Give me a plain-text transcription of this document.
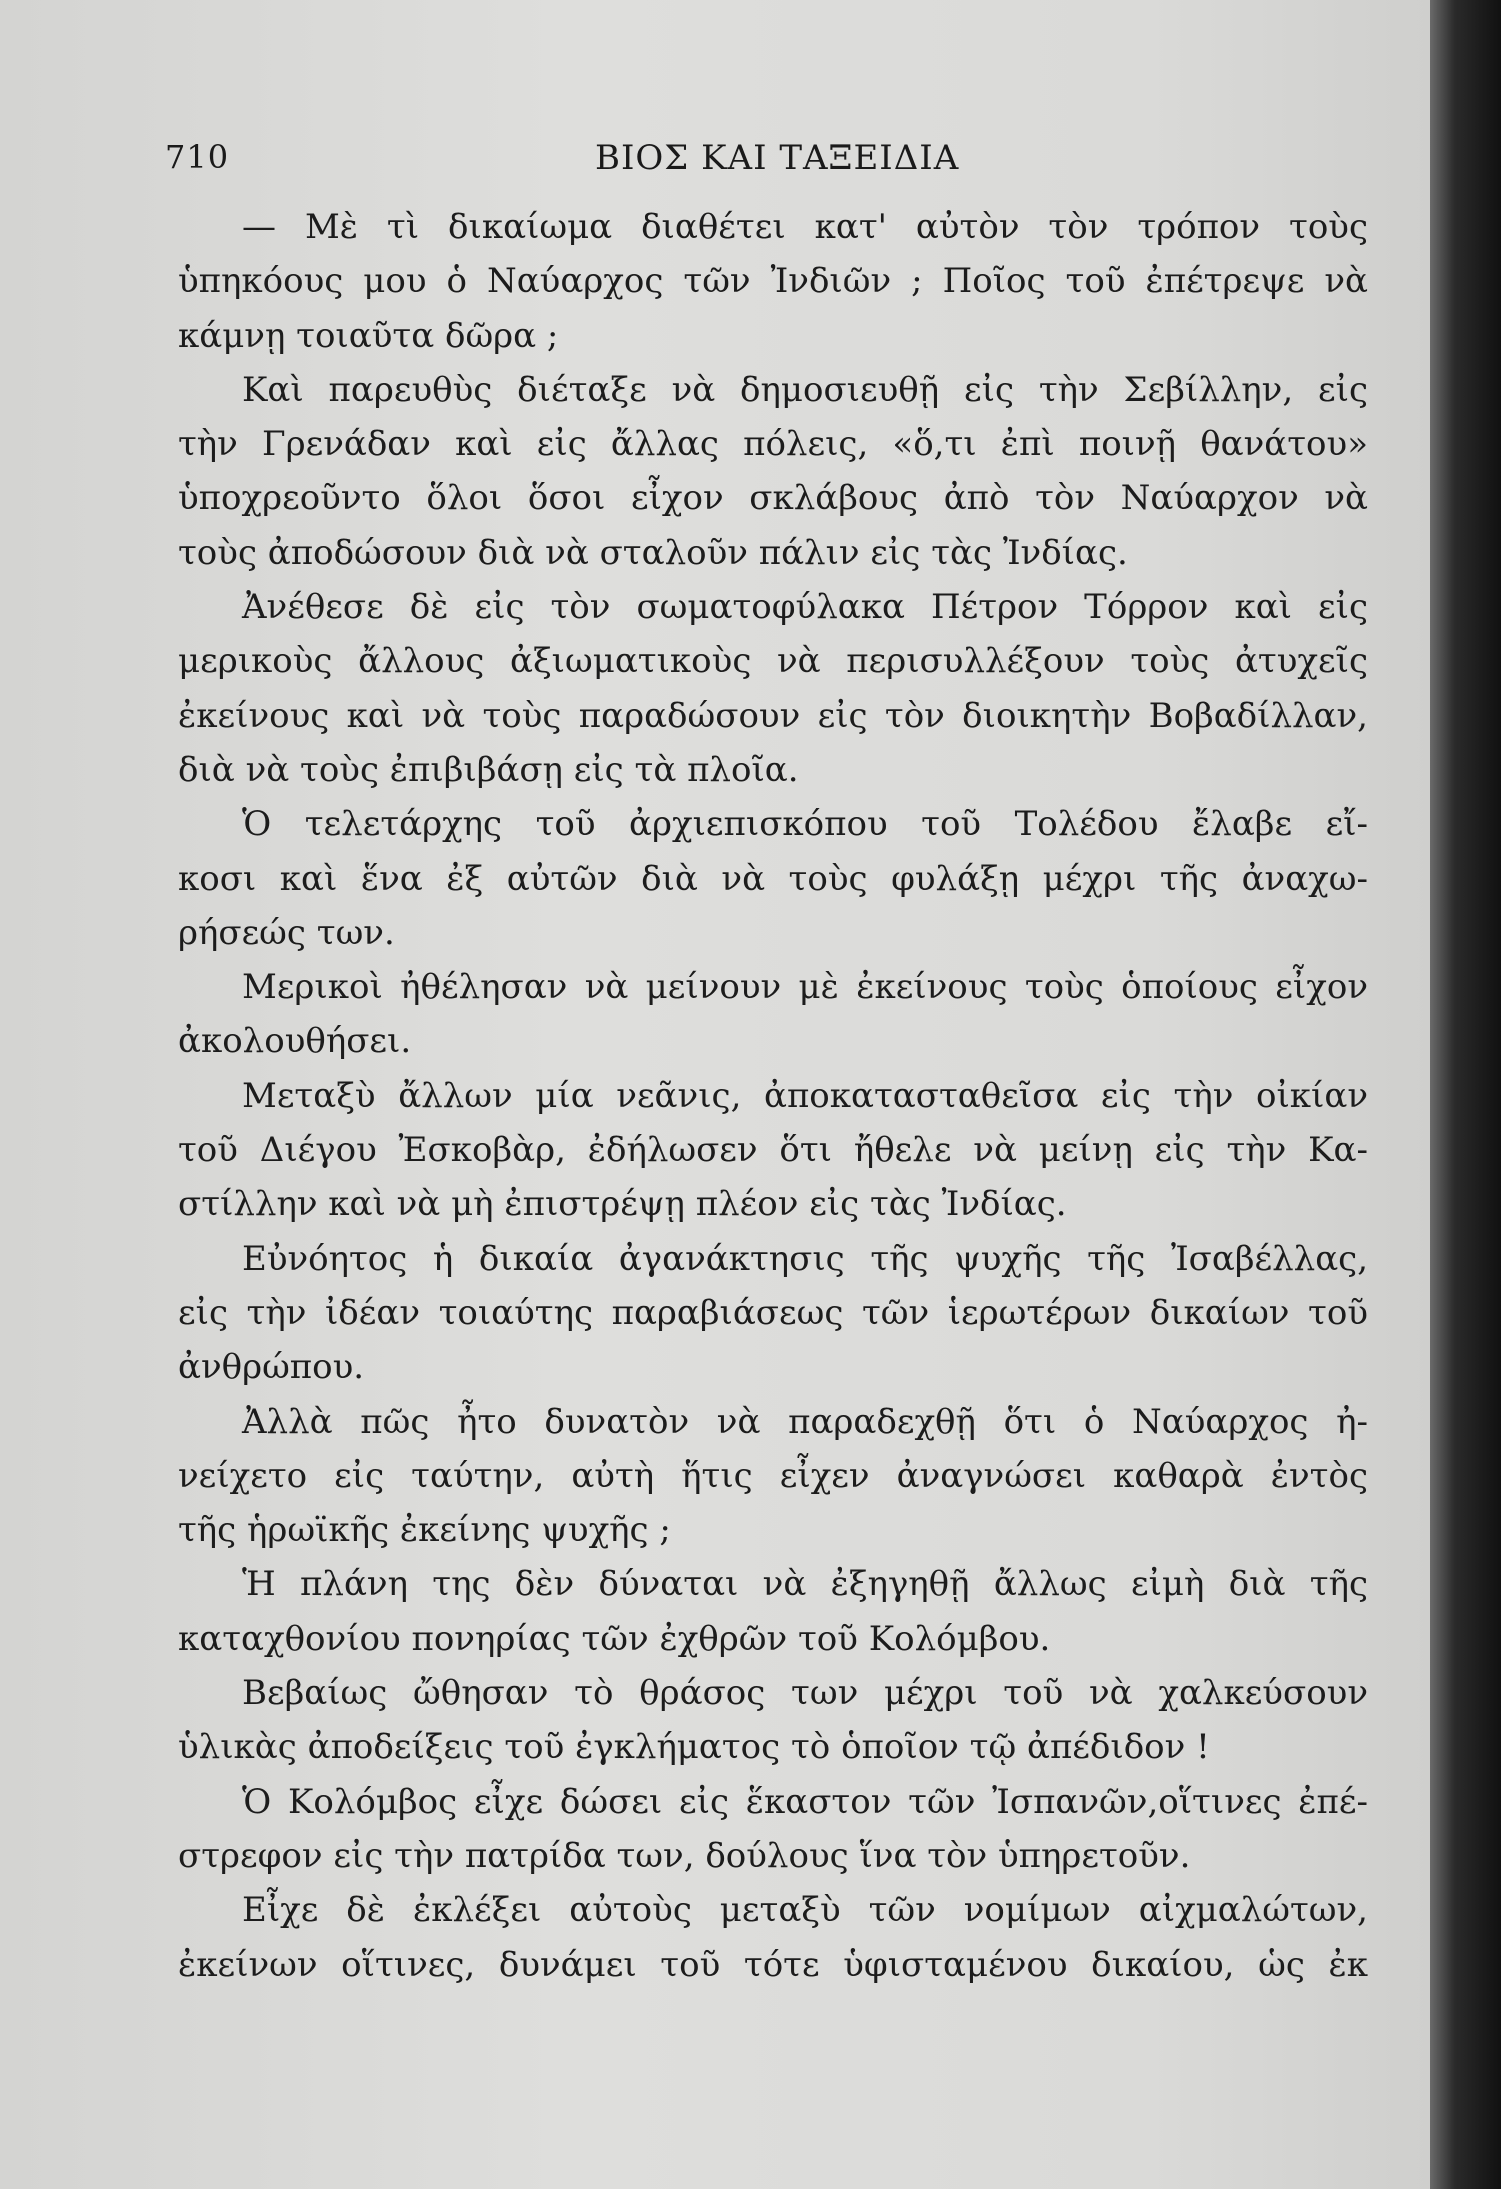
710	ΒΙΟΣ ΚΑΙ ΤΑΞΕΙΔΙΑ
— Μὲ τὶ δικαίωμα διαθέτει κατ' αὐτὸν τὸν τρόπον τοὺς
ὑπηκόους μου ὁ Ναύαρχος τῶν Ἰνδιῶν ; Ποῖος τοῦ ἐπέτρεψε νὰ
κάμνῃ τοιαῦτα δῶρα ;
Καὶ παρευθὺς διέταξε νὰ δημοσιευθῇ εἰς τὴν Σεβίλλην, εἰς
τὴν Γρενάδαν καὶ εἰς ἄλλας πόλεις, «ὅ,τι ἐπὶ ποινῇ θανάτου»
ὑποχρεοῦντο ὅλοι ὅσοι εἶχον σκλάβους ἀπὸ τὸν Ναύαρχον νὰ
τοὺς ἀποδώσουν διὰ νὰ σταλοῦν πάλιν εἰς τὰς Ἰνδίας.
Ἀνέθεσε δὲ εἰς τὸν σωματοφύλακα Πέτρον Τόρρον καὶ εἰς
μερικοὺς ἄλλους ἀξιωματικοὺς νὰ περισυλλέξουν τοὺς ἀτυχεῖς
ἐκείνους καὶ νὰ τοὺς παραδώσουν εἰς τὸν διοικητὴν Βοβαδίλλαν,
διὰ νὰ τοὺς ἐπιβιβάσῃ εἰς τὰ πλοῖα.
Ὁ τελετάρχης τοῦ ἀρχιεπισκόπου τοῦ Τολέδου ἔλαβε εἴ-
κοσι καὶ ἕνα ἐξ αὐτῶν διὰ νὰ τοὺς φυλάξῃ μέχρι τῆς ἀναχω-
ρήσεώς των.
Μερικοὶ ἠθέλησαν νὰ μείνουν μὲ ἐκείνους τοὺς ὁποίους εἶχον
ἀκολουθήσει.
Μεταξὺ ἄλλων μία νεᾶνις, ἀποκατασταθεῖσα εἰς τὴν οἰκίαν
τοῦ Διέγου Ἐσκοβὰρ, ἐδήλωσεν ὅτι ἤθελε νὰ μείνῃ εἰς τὴν Κα-
στίλλην καὶ νὰ μὴ ἐπιστρέψῃ πλέον εἰς τὰς Ἰνδίας.
Εὐνόητος ἡ δικαία ἀγανάκτησις τῆς ψυχῆς τῆς Ἰσαβέλλας,
εἰς τὴν ἰδέαν τοιαύτης παραβιάσεως τῶν ἱερωτέρων δικαίων τοῦ
ἀνθρώπου.
Ἀλλὰ πῶς ἦτο δυνατὸν νὰ παραδεχθῇ ὅτι ὁ Ναύαρχος ἠ-
νείχετο εἰς ταύτην, αὐτὴ ἥτις εἶχεν ἀναγνώσει καθαρὰ ἐντὸς
τῆς ἡρωϊκῆς ἐκείνης ψυχῆς ;
Ἡ πλάνη της δὲν δύναται νὰ ἐξηγηθῇ ἄλλως εἰμὴ διὰ τῆς
καταχθονίου πονηρίας τῶν ἐχθρῶν τοῦ Κολόμβου.
Βεβαίως ὤθησαν τὸ θράσος των μέχρι τοῦ νὰ χαλκεύσουν
ὑλικὰς ἀποδείξεις τοῦ ἐγκλήματος τὸ ὁποῖον τῷ ἀπέδιδον !
Ὁ Κολόμβος εἶχε δώσει εἰς ἕκαστον τῶν Ἰσπανῶν,οἵτινες ἐπέ-
στρεφον εἰς τὴν πατρίδα των, δούλους ἵνα τὸν ὑπηρετοῦν.
Εἶχε δὲ ἐκλέξει αὐτοὺς μεταξὺ τῶν νομίμων αἰχμαλώτων,
ἐκείνων οἵτινες, δυνάμει τοῦ τότε ὑφισταμένου δικαίου, ὡς ἐκ
